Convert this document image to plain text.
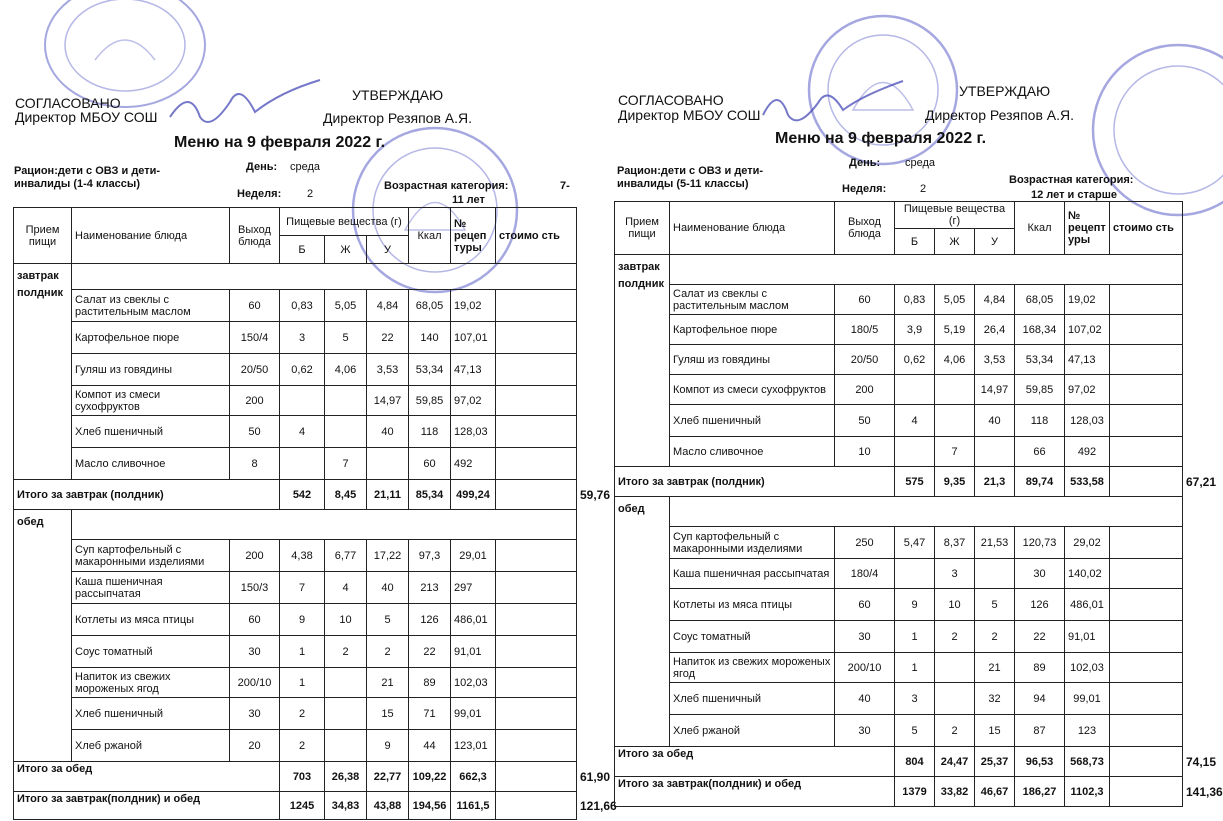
СОГЛАСОВАНО
Директор МБОУ СОШ
УТВЕРЖДАЮ
Директор Резяпов А.Я.
Меню на 9 февраля 2022 г.
Рацион:дети с ОВЗ и дети-
инвалиды (1-4 классы)
День: среда
Неделя: 2
Возрастная категория:	7-
11 лет
Прием пищи	Наименование блюда	Выход блюда	Пищевые вещества (г)			Ккал	№ рецеп туры	стоимо сть	
			Б	Ж	У				
завтрак
полдник									
	Салат из свеклы с растительным маслом	60	0,83	5,05	4,84	68,05	19,02		
	Картофельное пюре	150/4	3	5	22	140	107,01		
	Гуляш из говядины	20/50	0,62	4,06	3,53	53,34	47,13		
	Компот из смеси сухофруктов	200			14,97	59,85	97,02		
	Хлеб пшеничный	50	4		40	118	128,03		
	Масло сливочное	8		7		60	492		
Итого за завтрак (полдник)			542	8,45	21,11	85,34	499,24		59,76
обед									
	Суп картофельный с макаронными изделиями	200	4,38	6,77	17,22	97,3	29,01		
	Каша пшеничная рассыпчатая	150/3	7	4	40	213	297		
	Котлеты из мяса птицы	60	9	10	5	126	486,01		
	Соус томатный	30	1	2	2	22	91,01		
	Напиток из свежих мороженых ягод	200/10	1		21	89	102,03		
	Хлеб пшеничный	30	2		15	71	99,01		
	Хлеб ржаной	20	2		9	44	123,01		
Итого за обед			703	26,38	22,77	109,22	662,3		61,90
Итого за завтрак(полдник) и обед			1245	34,83	43,88	194,56	1161,5		121,66
СОГЛАСОВАНО
Директор МБОУ СОШ
УТВЕРЖДАЮ
Директор Резяпов А.Я.
Меню на 9 февраля 2022 г.
Рацион:дети с ОВЗ и дети-
инвалиды (5-11 классы)
День: среда
Неделя:	2
Возрастная категория:
12 лет и старше
Прием пищи	Наименование блюда	Выход блюда	Пищевые вещества (г)			Ккал	№ рецепт уры	стоимо сть	
			Б	Ж	У				
завтрак
полдник									
	Салат из свеклы с растительным маслом	60	0,83	5,05	4,84	68,05	19,02		
	Картофельное пюре	180/5	3,9	5,19	26,4	168,34	107,02		
	Гуляш из говядины	20/50	0,62	4,06	3,53	53,34	47,13		
	Компот из смеси сухофруктов	200			14,97	59,85	97,02		
	Хлеб пшеничный	50	4		40	118	128,03		
	Масло сливочное	10		7		66	492		
Итого за завтрак (полдник)			575	9,35	21,3	89,74	533,58		67,21
обед									
	Суп картофельный с макаронными изделиями	250	5,47	8,37	21,53	120,73	29,02		
	Каша пшеничная рассыпчатая	180/4		3		30	140,02		
	Котлеты из мяса птицы	60	9	10	5	126	486,01		
	Соус томатный	30	1	2	2	22	91,01		
	Напиток из свежих мороженых ягод	200/10	1		21	89	102,03		
	Хлеб пшеничный	40	3		32	94	99,01		
	Хлеб ржаной	30	5	2	15	87	123		
Итого за обед			804	24,47	25,37	96,53	568,73		74,15
Итого за завтрак(полдник) и обед			1379	33,82	46,67	186,27	1102,3		141,36
